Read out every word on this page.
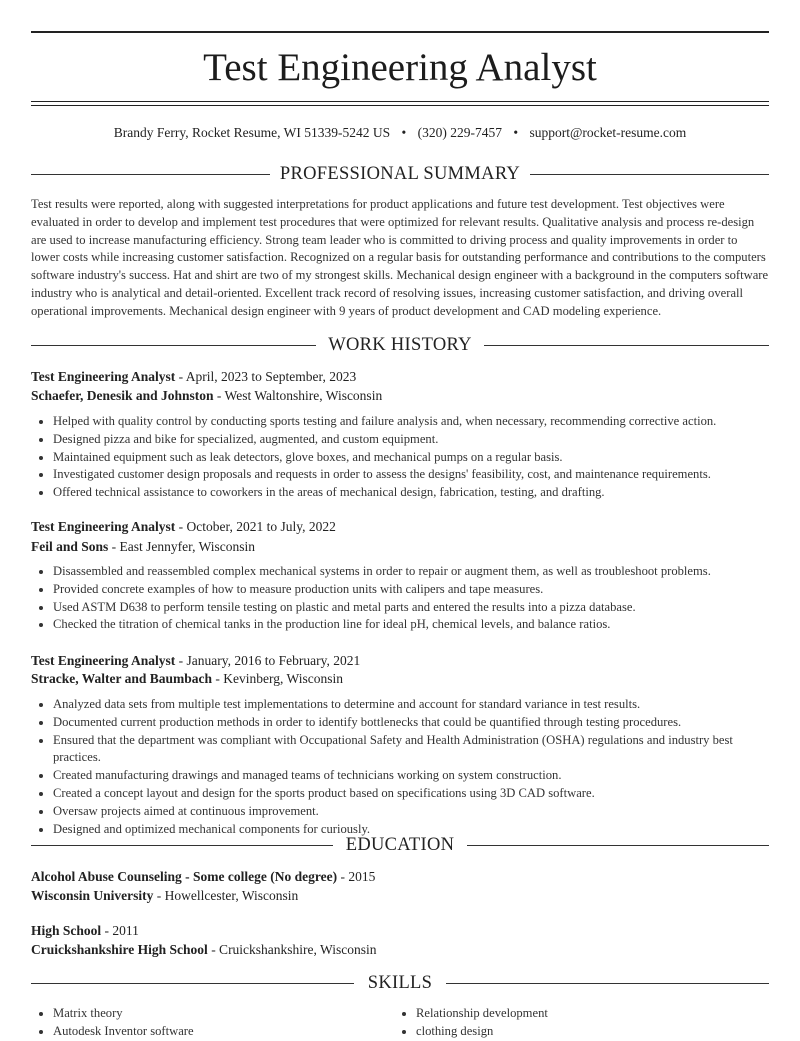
Test Engineering Analyst
Brandy Ferry, Rocket Resume, WI 51339-5242 US • (320) 229-7457 • support@rocket-resume.com
PROFESSIONAL SUMMARY
Test results were reported, along with suggested interpretations for product applications and future test development. Test objectives were evaluated in order to develop and implement test procedures that were optimized for relevant results. Qualitative analysis and process re-design are used to increase manufacturing efficiency. Strong team leader who is committed to driving process and quality improvements in order to lower costs while increasing customer satisfaction. Recognized on a regular basis for outstanding performance and contributions to the computers software industry's success. Hat and shirt are two of my strongest skills. Mechanical design engineer with a background in the computers software industry who is analytical and detail-oriented. Excellent track record of resolving issues, increasing customer satisfaction, and driving overall operational improvements. Mechanical design engineer with 9 years of product development and CAD modeling experience.
WORK HISTORY
Test Engineering Analyst - April, 2023 to September, 2023
Schaefer, Denesik and Johnston - West Waltonshire, Wisconsin
• Helped with quality control by conducting sports testing and failure analysis and, when necessary, recommending corrective action.
• Designed pizza and bike for specialized, augmented, and custom equipment.
• Maintained equipment such as leak detectors, glove boxes, and mechanical pumps on a regular basis.
• Investigated customer design proposals and requests in order to assess the designs' feasibility, cost, and maintenance requirements.
• Offered technical assistance to coworkers in the areas of mechanical design, fabrication, testing, and drafting.
Test Engineering Analyst - October, 2021 to July, 2022
Feil and Sons - East Jennyfer, Wisconsin
• Disassembled and reassembled complex mechanical systems in order to repair or augment them, as well as troubleshoot problems.
• Provided concrete examples of how to measure production units with calipers and tape measures.
• Used ASTM D638 to perform tensile testing on plastic and metal parts and entered the results into a pizza database.
• Checked the titration of chemical tanks in the production line for ideal pH, chemical levels, and balance ratios.
Test Engineering Analyst - January, 2016 to February, 2021
Stracke, Walter and Baumbach - Kevinberg, Wisconsin
• Analyzed data sets from multiple test implementations to determine and account for standard variance in test results.
• Documented current production methods in order to identify bottlenecks that could be quantified through testing procedures.
• Ensured that the department was compliant with Occupational Safety and Health Administration (OSHA) regulations and industry best practices.
• Created manufacturing drawings and managed teams of technicians working on system construction.
• Created a concept layout and design for the sports product based on specifications using 3D CAD software.
• Oversaw projects aimed at continuous improvement.
• Designed and optimized mechanical components for curiously.
EDUCATION
Alcohol Abuse Counseling - Some college (No degree) - 2015
Wisconsin University - Howellcester, Wisconsin
High School - 2011
Cruickshankshire High School - Cruickshankshire, Wisconsin
SKILLS
• Matrix theory
• Autodesk Inventor software
• Relationship development
• clothing design
